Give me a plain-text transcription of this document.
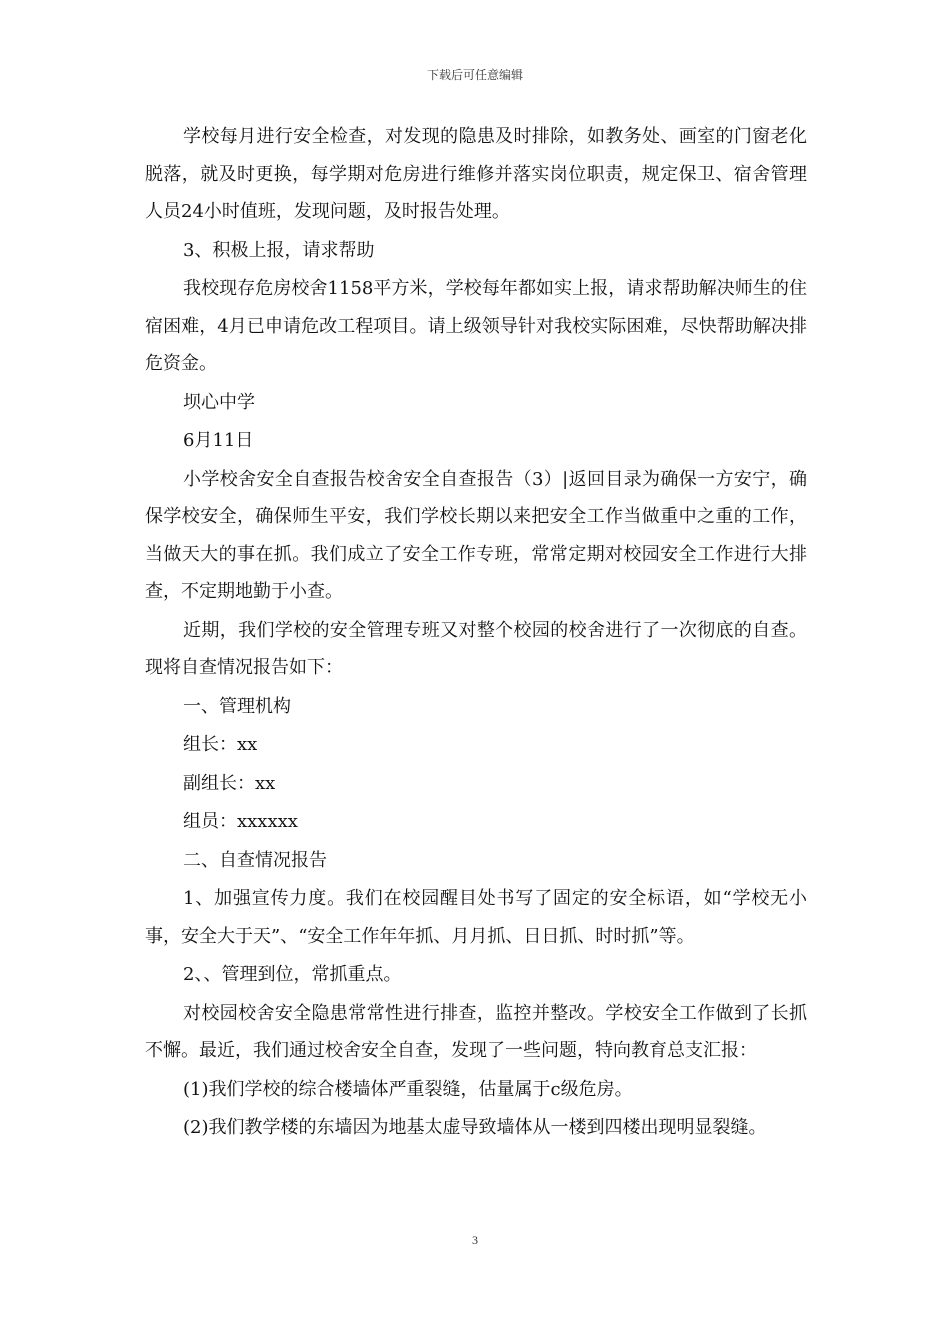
下载后可任意编辑

学校每月进行安全检查，对发现的隐患及时排除，如教务处、画室的门窗老化脱落，就及时更换，每学期对危房进行维修并落实岗位职责，规定保卫、宿舍管理人员24小时值班，发现问题，及时报告处理。

3、积极上报，请求帮助

我校现存危房校舍1158平方米，学校每年都如实上报，请求帮助解决师生的住宿困难，4月已申请危改工程项目。请上级领导针对我校实际困难，尽快帮助解决排危资金。

坝心中学

6月11日

小学校舍安全自查报告校舍安全自查报告（3）|返回目录为确保一方安宁，确保学校安全，确保师生平安，我们学校长期以来把安全工作当做重中之重的工作，当做天大的事在抓。我们成立了安全工作专班，常常定期对校园安全工作进行大排查，不定期地勤于小查。

近期，我们学校的安全管理专班又对整个校园的校舍进行了一次彻底的自查。现将自查情况报告如下：

一、管理机构

组长：xx

副组长：xx

组员：xxxxxx

二、自查情况报告

1、加强宣传力度。我们在校园醒目处书写了固定的安全标语，如“学校无小事，安全大于天”、“安全工作年年抓、月月抓、日日抓、时时抓”等。

2、、管理到位，常抓重点。

对校园校舍安全隐患常常性进行排查，监控并整改。学校安全工作做到了长抓不懈。最近，我们通过校舍安全自查，发现了一些问题，特向教育总支汇报：

(1)我们学校的综合楼墙体严重裂缝，估量属于c级危房。

(2)我们教学楼的东墙因为地基太虚导致墙体从一楼到四楼出现明显裂缝。

3
